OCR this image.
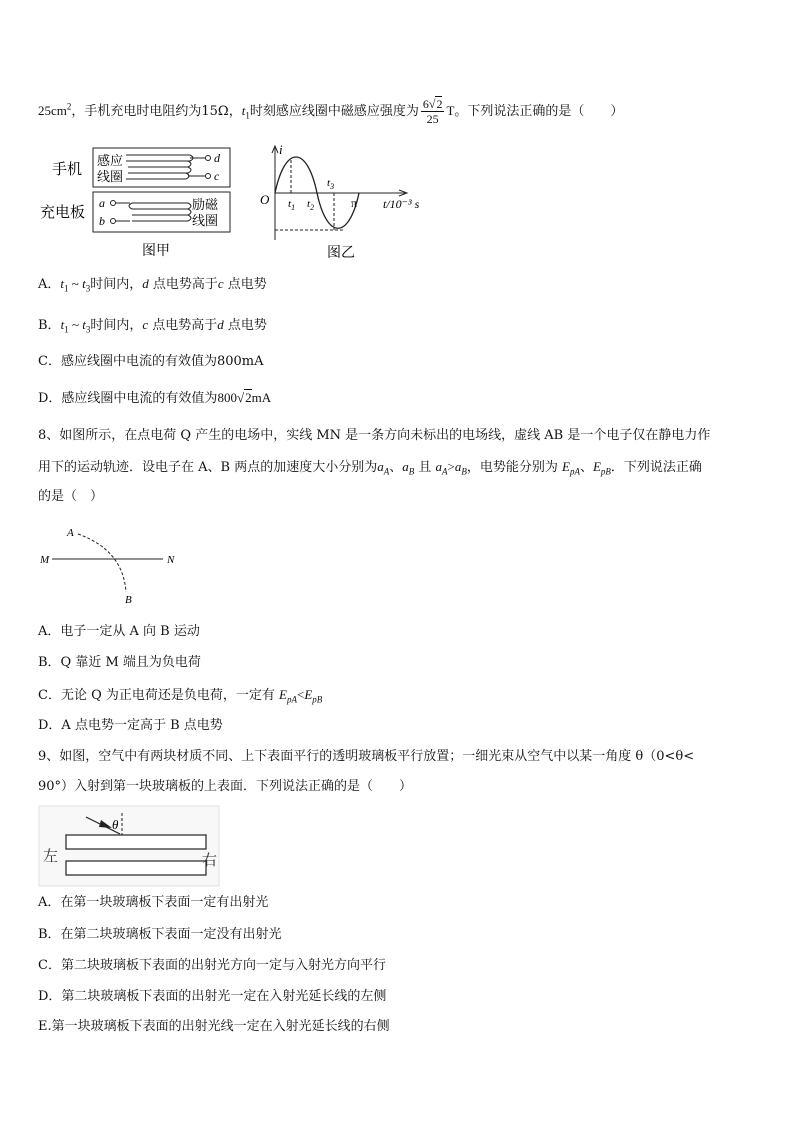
$25cm^2$，手机充电时电阻约为15Ω，$t_1$时刻感应线圈中磁感应强度为 $\frac{6√2}{25}$ T。下列说法正确的是（　　）
手机
充电板
感应
线圈
d
c
a
b
励磁
线圈
图甲
i
O $t_1$ $t_2$
$t_3$
π t/10⁻³ s
图乙
A．$t_1$ ~ $t_3$时间内，d 点电势高于c 点电势
B．$t_1$ ~ $t_3$时间内，c 点电势高于d 点电势
C．感应线圈中电流的有效值为800mA
D．感应线圈中电流的有效值为800√2mA
8、如图所示，在点电荷 Q 产生的电场中，实线 MN 是一条方向未标出的电场线，虚线 AB 是一个电子仅在静电力作
用下的运动轨迹．设电子在 A、B 两点的加速度大小分别为$a_A$、$a_B$ 且 $a_A>a_B$，电势能分别为 $E_{pA}$、$E_{pB}$．下列说法正确
的是（　）
A
B
M	N
A．电子一定从 A 向 B 运动
B．Q 靠近 M 端且为负电荷
C．无论 Q 为正电荷还是负电荷，一定有 $E_{pA}<E_{pB}$
D．A 点电势一定高于 B 点电势
9、如图，空气中有两块材质不同、上下表面平行的透明玻璃板平行放置；一细光束从空气中以某一角度 θ（0<θ<
90°）入射到第一块玻璃板的上表面．下列说法正确的是（　　）
θ
左	右
A．在第一块玻璃板下表面一定有出射光
B．在第二块玻璃板下表面一定没有出射光
C．第二块玻璃板下表面的出射光方向一定与入射光方向平行
D．第二块玻璃板下表面的出射光一定在入射光延长线的左侧
E.第一块玻璃板下表面的出射光线一定在入射光延长线的右侧
